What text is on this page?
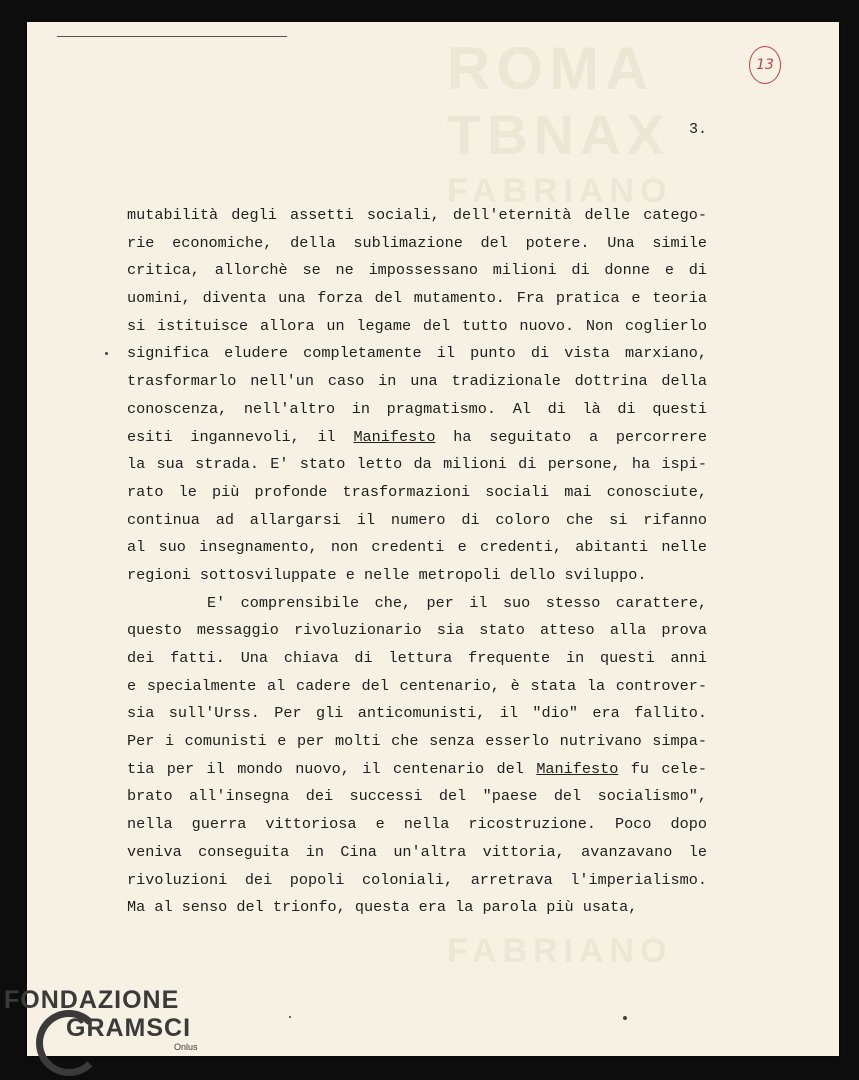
ROMA
TBNAX
FABRIANO
FABRIANO
13
3.
mutabilità degli assetti sociali, dell'eternità delle catego-
rie economiche, della sublimazione del potere. Una simile
critica, allorchè se ne impossessano milioni di donne e di
uomini, diventa una forza del mutamento. Fra pratica e teoria
si istituisce allora un legame del tutto nuovo. Non coglierlo
significa eludere completamente il punto di vista marxiano,
trasformarlo nell'un caso in una tradizionale dottrina della
conoscenza, nell'altro in pragmatismo. Al di là di questi
esiti ingannevoli, il Manifesto ha seguitato a percorrere
la sua strada. E' stato letto da milioni di persone, ha ispi-
rato le più profonde trasformazioni sociali mai conosciute,
continua ad allargarsi il numero di coloro che si rifanno
al suo insegnamento, non credenti e credenti, abitanti nelle
regioni sottosviluppate e nelle metropoli dello sviluppo.
E' comprensibile che, per il suo stesso carattere,
questo messaggio rivoluzionario sia stato atteso alla prova
dei fatti. Una chiava di lettura frequente in questi anni
e specialmente al cadere del centenario, è stata la controver-
sia sull'Urss. Per gli anticomunisti, il "dio" era fallito.
Per i comunisti e per molti che senza esserlo nutrivano simpa-
tia per il mondo nuovo, il centenario del Manifesto fu cele-
brato all'insegna dei successi del "paese del socialismo",
nella guerra vittoriosa e nella ricostruzione. Poco dopo
veniva conseguita in Cina un'altra vittoria, avanzavano le
rivoluzioni dei popoli coloniali, arretrava l'imperialismo.
Ma al senso del trionfo, questa era la parola più usata,
FONDAZIONE
GRAMSCI
Onlus
